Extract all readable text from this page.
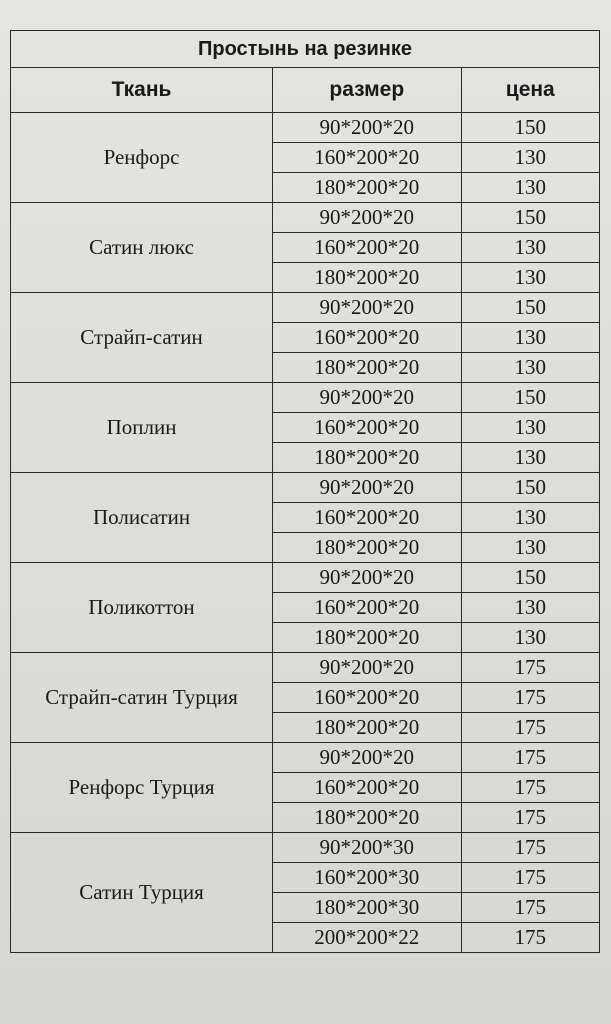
Простынь на резинке		
Ткань	размер	цена
Ренфорс	90*200*20	150
	160*200*20	130
	180*200*20	130
Сатин люкс	90*200*20	150
	160*200*20	130
	180*200*20	130
Страйп-сатин	90*200*20	150
	160*200*20	130
	180*200*20	130
Поплин	90*200*20	150
	160*200*20	130
	180*200*20	130
Полисатин	90*200*20	150
	160*200*20	130
	180*200*20	130
Поликоттон	90*200*20	150
	160*200*20	130
	180*200*20	130
Страйп-сатин Турция	90*200*20	175
	160*200*20	175
	180*200*20	175
Ренфорс Турция	90*200*20	175
	160*200*20	175
	180*200*20	175
Сатин Турция	90*200*30	175
	160*200*30	175
	180*200*30	175
	200*200*22	175
